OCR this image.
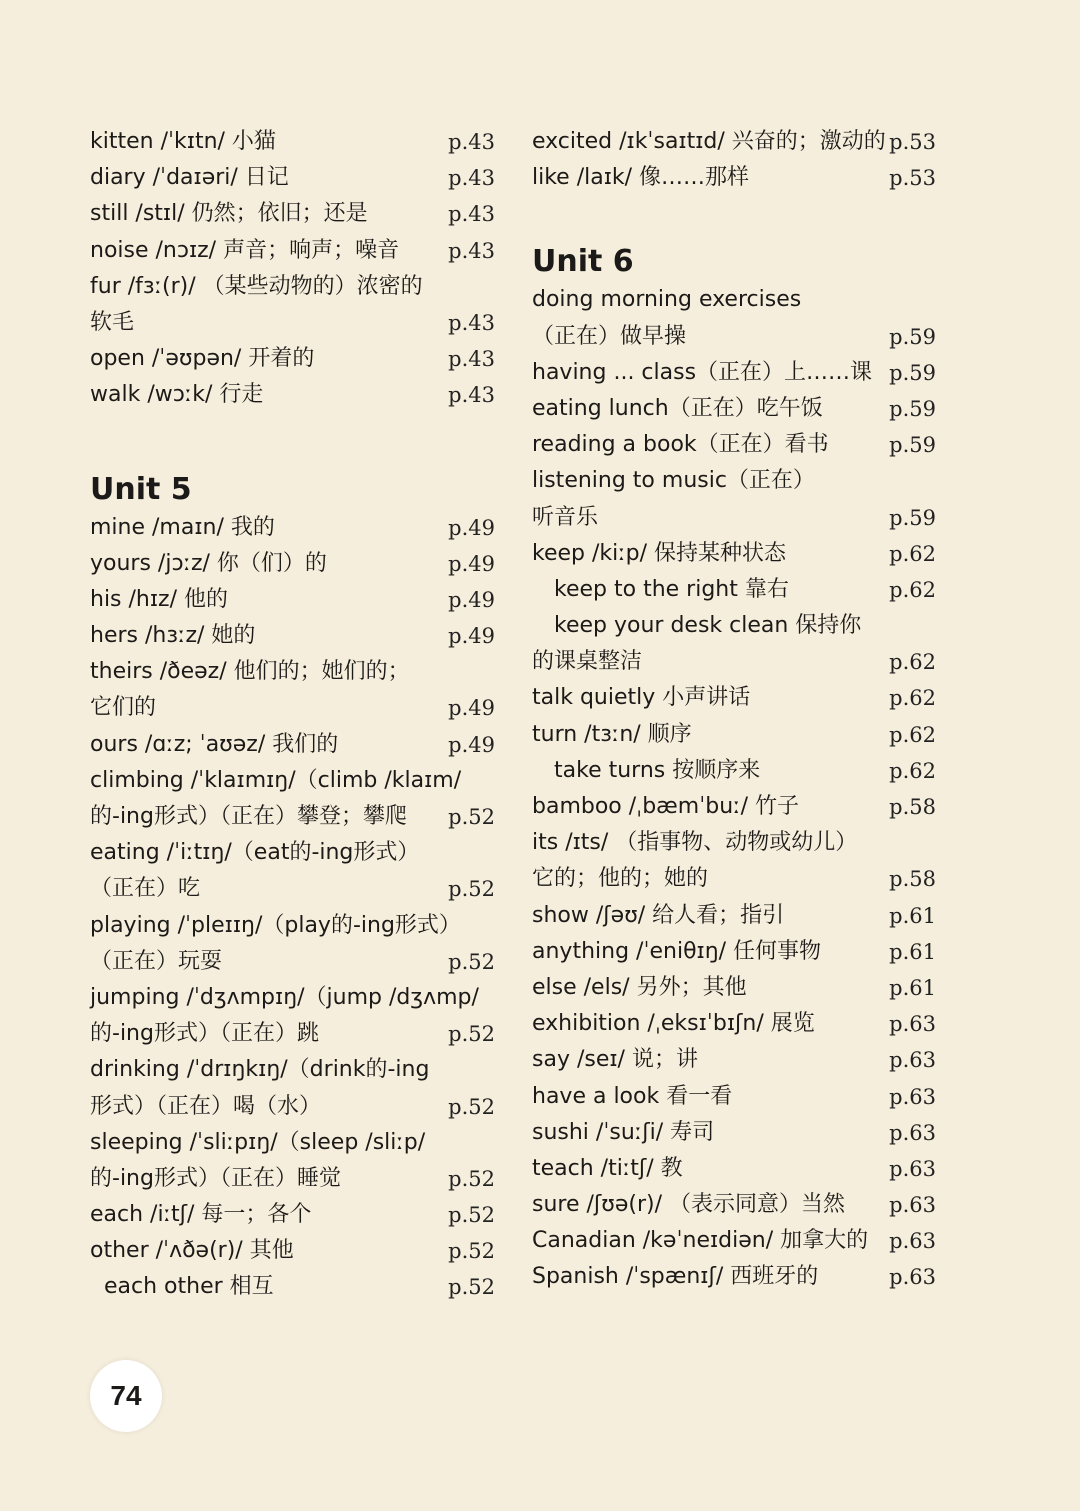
kitten /ˈkɪtn/ 小猫	p.43
diary /ˈdaɪəri/ 日记	p.43
still /stɪl/ 仍然；依旧；还是	p.43
noise /nɔɪz/ 声音；响声；噪音 p.43
fur /fɜː(r)/ （某些动物的）浓密的
软毛	p.43
open /ˈəʊpən/ 开着的	p.43
walk /wɔːk/ 行走	p.43
Unit 5
mine /maɪn/ 我的	p.49
yours /jɔːz/ 你（们）的	p.49
his /hɪz/ 他的	p.49
hers /hɜːz/ 她的	p.49
theirs /ðeəz/ 他们的；她们的；
它们的	p.49
ours /ɑːz; ˈaʊəz/ 我们的	p.49
climbing /ˈklaɪmɪŋ/（climb /klaɪm/
的-ing形式）（正在）攀登；攀爬 p.52
eating /ˈiːtɪŋ/（eat的-ing形式）
（正在）吃	p.52
playing /ˈpleɪɪŋ/（play的-ing形式）
（正在）玩耍	p.52
jumping /ˈdʒʌmpɪŋ/（jump /dʒʌmp/
的-ing形式）（正在）跳	p.52
drinking /ˈdrɪŋkɪŋ/（drink的-ing
形式）（正在）喝（水）	p.52
sleeping /ˈsliːpɪŋ/（sleep /sliːp/
的-ing形式）（正在）睡觉	p.52
each /iːtʃ/ 每一；各个	p.52
other /ˈʌðə(r)/ 其他	p.52
each other 相互	p.52
excited /ɪkˈsaɪtɪd/ 兴奋的；激动的 p.53
like /laɪk/ 像……那样	p.53
Unit 6
doing morning exercises
（正在）做早操	p.59
having ... class（正在）上……课 p.59
eating lunch（正在）吃午饭	p.59
reading a book（正在）看书	p.59
listening to music（正在）
听音乐	p.59
keep /kiːp/ 保持某种状态	p.62
keep to the right 靠右	p.62
keep your desk clean 保持你
的课桌整洁	p.62
talk quietly 小声讲话	p.62
turn /tɜːn/ 顺序	p.62
take turns 按顺序来	p.62
bamboo /ˌbæmˈbuː/ 竹子	p.58
its /ɪts/ （指事物、动物或幼儿）
它的；他的；她的	p.58
show /ʃəʊ/ 给人看；指引	p.61
anything /ˈeniθɪŋ/ 任何事物	p.61
else /els/ 另外；其他	p.61
exhibition /ˌeksɪˈbɪʃn/ 展览	p.63
say /seɪ/ 说；讲	p.63
have a look 看一看	p.63
sushi /ˈsuːʃi/ 寿司	p.63
teach /tiːtʃ/ 教	p.63
sure /ʃʊə(r)/ （表示同意）当然 p.63
Canadian /kəˈneɪdiən/ 加拿大的 p.63
Spanish /ˈspænɪʃ/ 西班牙的	p.63
74
